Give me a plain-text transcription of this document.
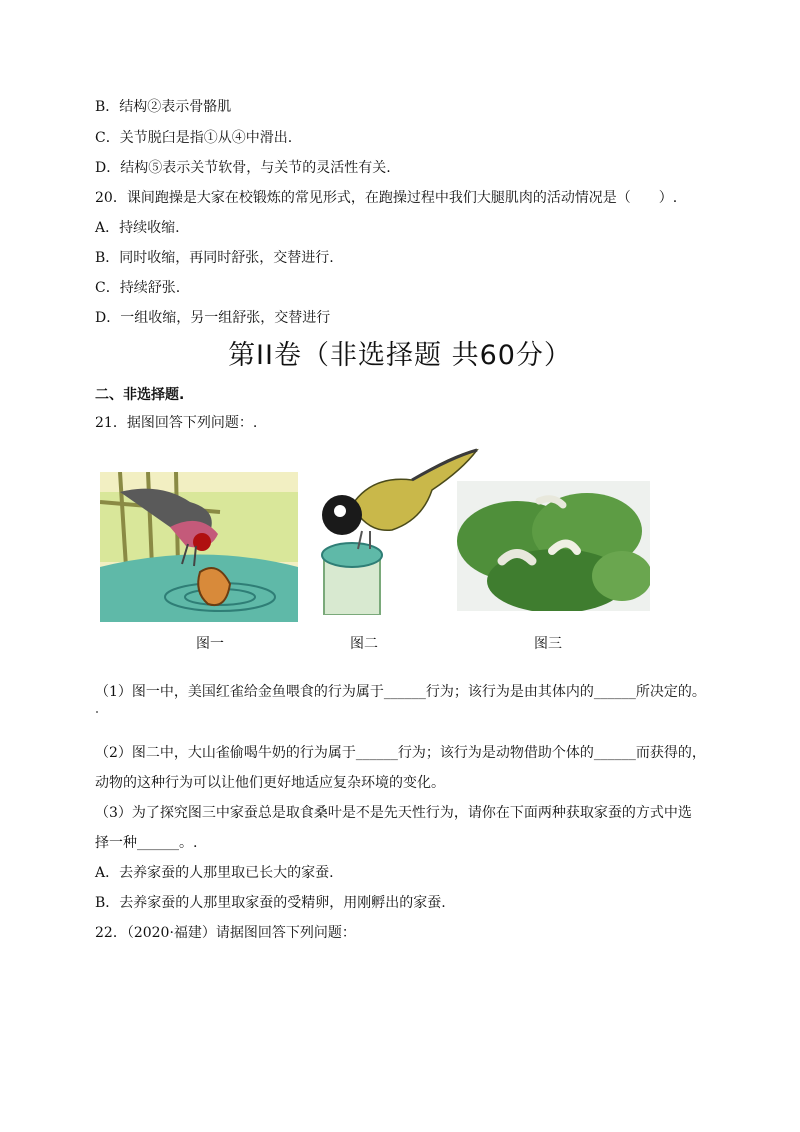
B．结构②表示骨骼肌
C．关节脱臼是指①从④中滑出.
D．结构⑤表示关节软骨，与关节的灵活性有关.
20．课间跑操是大家在校锻炼的常见形式，在跑操过程中我们大腿肌肉的活动情况是（　　）.
A．持续收缩.
B．同时收缩，再同时舒张，交替进行.
C．持续舒张.
D．一组收缩，另一组舒张，交替进行
第II卷（非选择题 共60分）
二、非选择题.
21．据图回答下列问题：.
图一	图二	图三
（1）图一中，美国红雀给金鱼喂食的行为属于______行为；该行为是由其体内的______所决定的。
（2）图二中，大山雀偷喝牛奶的行为属于______行为；该行为是动物借助个体的______而获得的，
动物的这种行为可以让他们更好地适应复杂环境的变化。
（3）为了探究图三中家蚕总是取食桑叶是不是先天性行为，请你在下面两种获取家蚕的方式中选
择一种______。.
A．去养家蚕的人那里取已长大的家蚕.
B．去养家蚕的人那里取家蚕的受精卵，用刚孵出的家蚕.
22．（2020·福建）请据图回答下列问题：
